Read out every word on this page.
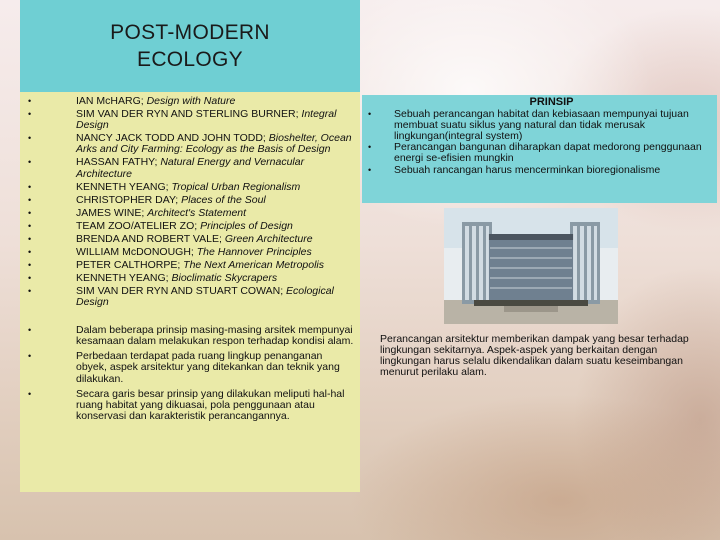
POST-MODERN
ECOLOGY
•	IAN McHARG; Design with Nature
•	SIM VAN DER RYN AND STERLING BURNER; Integral Design
•	NANCY JACK TODD AND JOHN TODD; Bioshelter, Ocean Arks and City Farming: Ecology as the Basis of Design
•	HASSAN FATHY; Natural Energy and Vernacular Architecture
•	KENNETH YEANG; Tropical Urban Regionalism
•	CHRISTOPHER DAY; Places of the Soul
•	JAMES WINE; Architect's Statement
•	TEAM ZOO/ATELIER ZO; Principles of Design
•	BRENDA AND ROBERT VALE; Green Architecture
•	WILLIAM McDONOUGH; The Hannover Principles
•	PETER CALTHORPE; The Next American Metropolis
•	KENNETH YEANG; Bioclimatic Skycrapers
•	SIM VAN DER RYN AND STUART COWAN; Ecological Design
•	Dalam beberapa prinsip masing-masing arsitek mempunyai kesamaan dalam melakukan respon terhadap kondisi alam.
•	Perbedaan terdapat pada ruang lingkup penanganan obyek, aspek arsitektur yang ditekankan dan teknik yang dilakukan.
•	Secara garis besar prinsip yang dilakukan meliputi hal-hal ruang habitat yang dikuasai, pola penggunaan atau konservasi dan karakteristik perancangannya.
PRINSIP
• Sebuah perancangan habitat dan kebiasaan mempunyai tujuan membuat suatu siklus yang natural dan tidak merusak lingkungan(integral system)
• Perancangan bangunan diharapkan dapat medorong penggunaan energi se-efisien mungkin
• Sebuah rancangan harus mencerminkan bioregionalisme
Perancangan arsitektur memberikan dampak yang besar terhadap lingkungan sekitarnya. Aspek-aspek yang berkaitan dengan lingkungan harus selalu dikendalikan dalam suatu keseimbangan menurut perilaku alam.
